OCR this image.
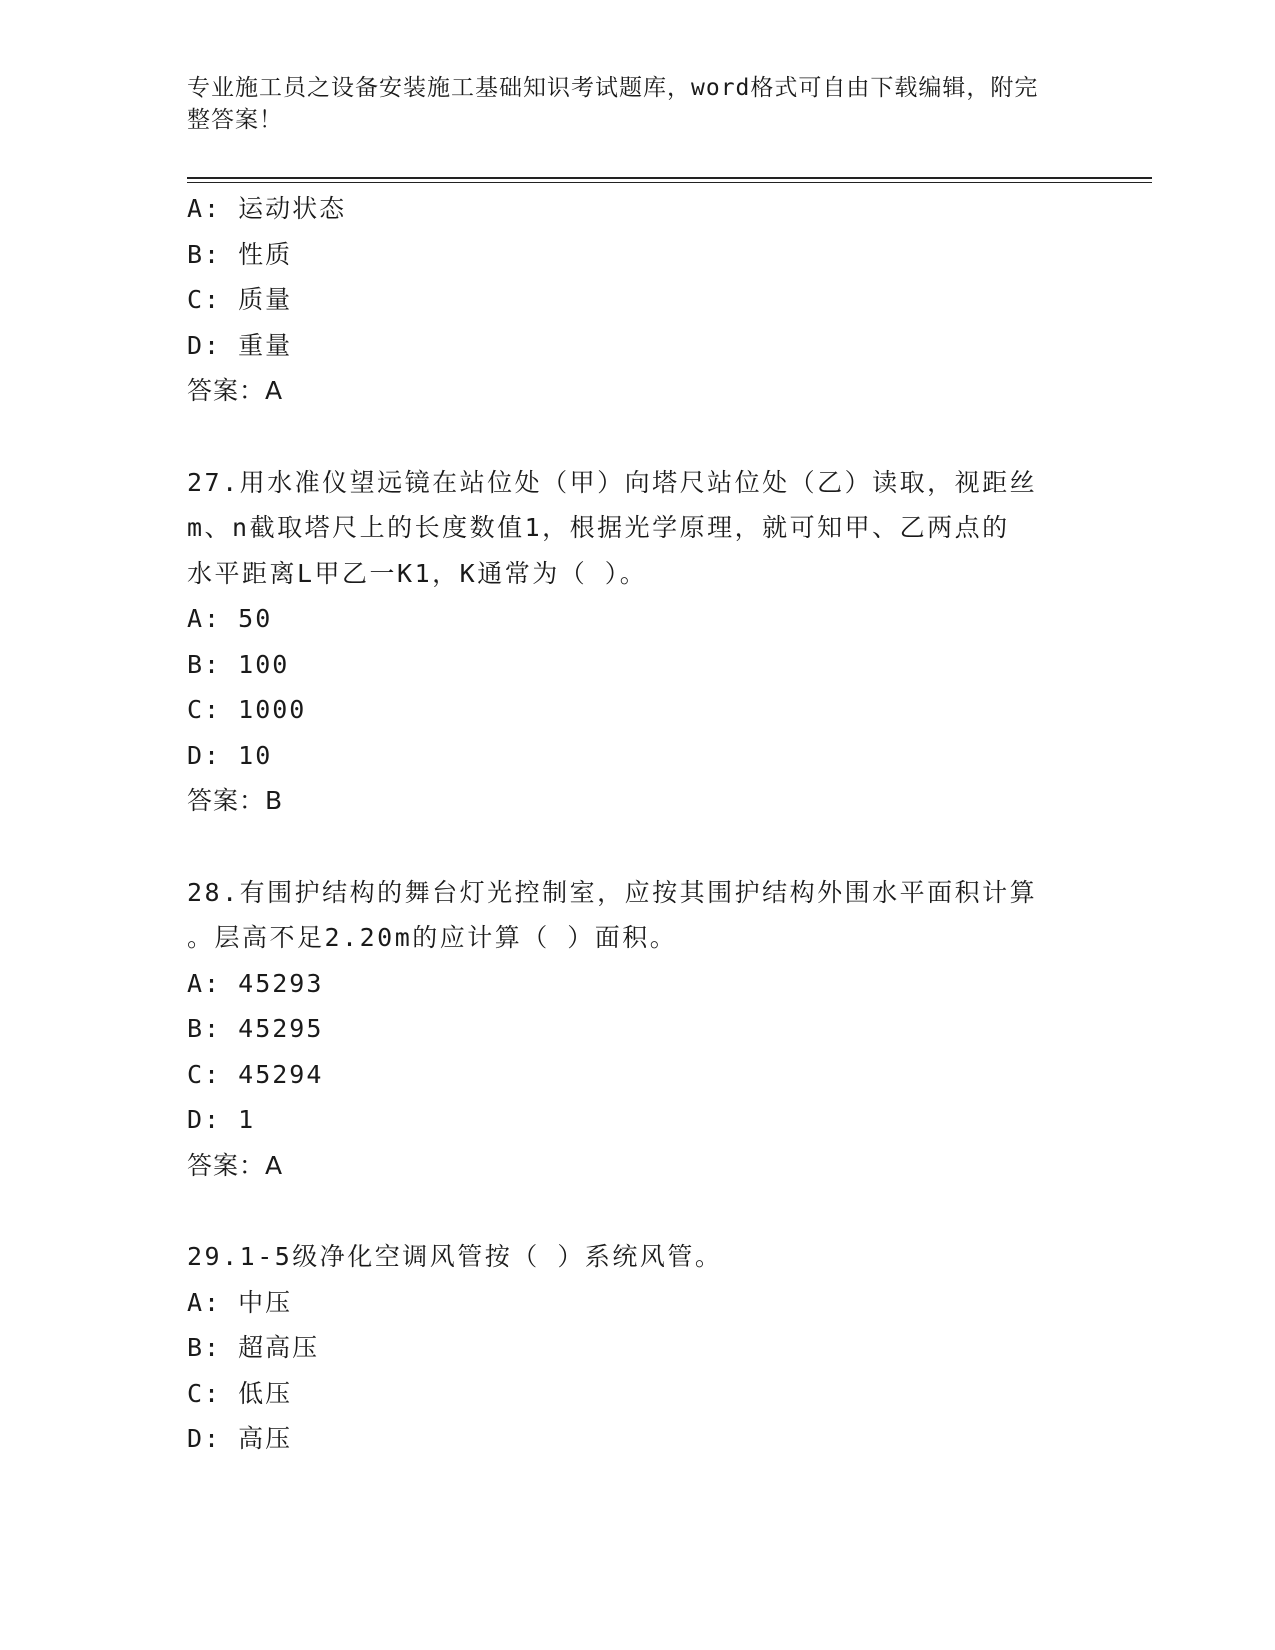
专业施工员之设备安装施工基础知识考试题库，word格式可自由下载编辑，附完
整答案！
A: 运动状态
B: 性质
C: 质量
D: 重量
答案：A
27.用水准仪望远镜在站位处（甲）向塔尺站位处（乙）读取，视距丝
m、n截取塔尺上的长度数值1，根据光学原理，就可知甲、乙两点的
水平距离L甲乙一K1，K通常为（ ）。
A: 50
B: 100
C: 1000
D: 10
答案：B
28.有围护结构的舞台灯光控制室，应按其围护结构外围水平面积计算
。层高不足2.20m的应计算（ ）面积。
A: 45293
B: 45295
C: 45294
D: 1
答案：A
29.1-5级净化空调风管按（ ）系统风管。
A: 中压
B: 超高压
C: 低压
D: 高压
